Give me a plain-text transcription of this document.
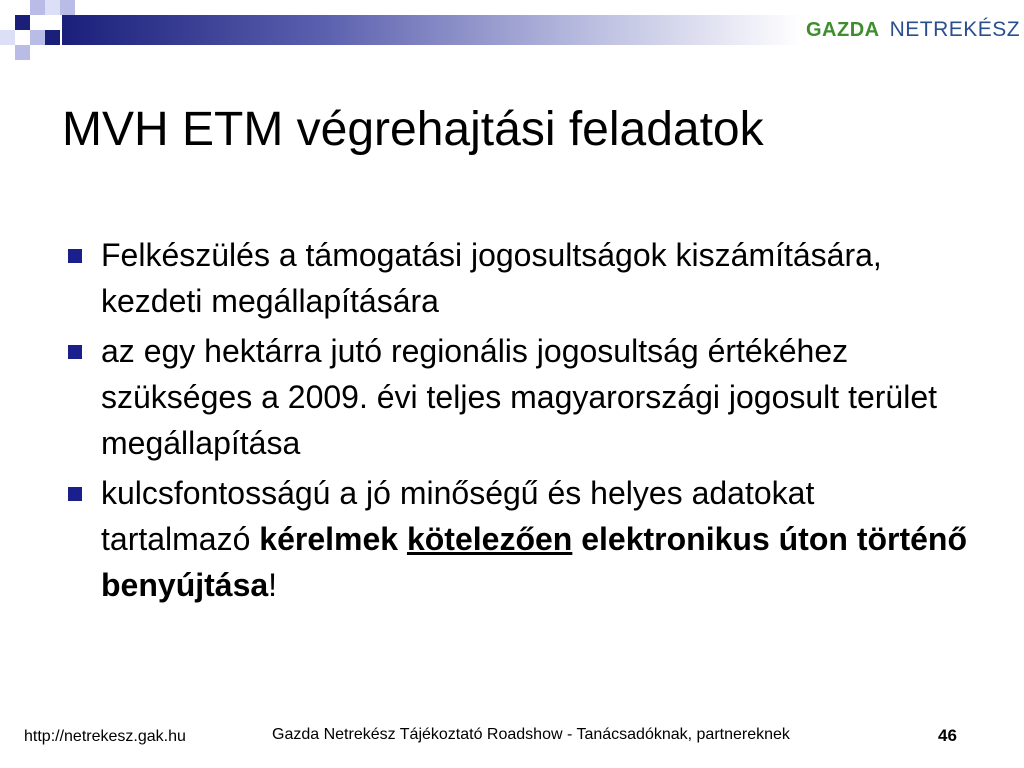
GAZDA NETREKÉSZ
MVH ETM végrehajtási feladatok
Felkészülés a támogatási jogosultságok kiszámítására, kezdeti megállapítására
az egy hektárra jutó regionális jogosultság értékéhez szükséges a 2009. évi teljes magyarországi jogosult terület megállapítása
kulcsfontosságú a jó minőségű és helyes adatokat tartalmazó kérelmek kötelezően elektronikus úton történő benyújtása!
http://netrekesz.gak.hu	Gazda Netrekész Tájékoztató Roadshow - Tanácsadóknak, partnereknek	46
